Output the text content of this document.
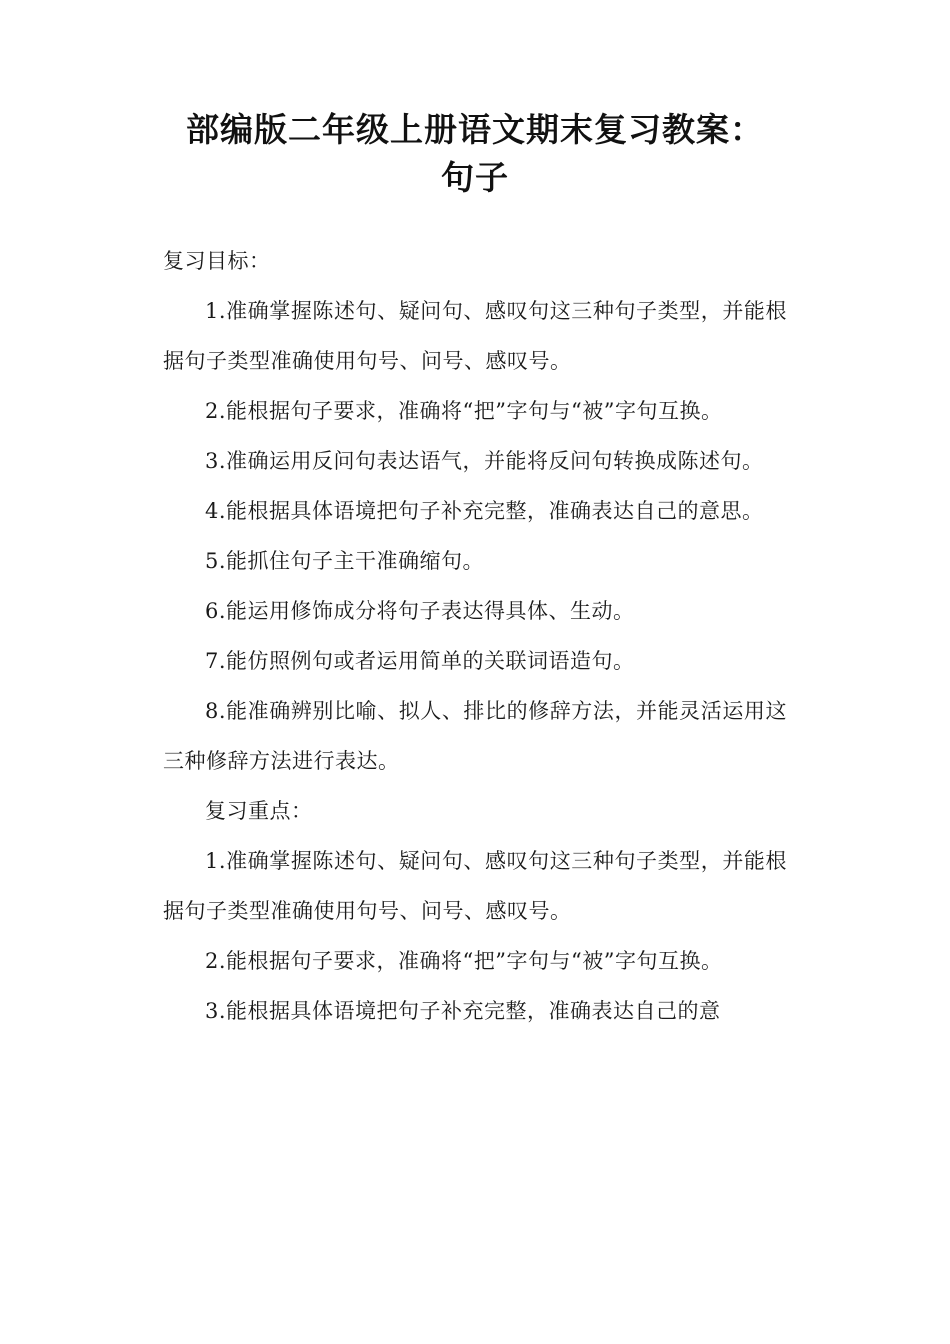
部编版二年级上册语文期末复习教案：
句子

复习目标：

1.准确掌握陈述句、疑问句、感叹句这三种句子类型，并能根据句子类型准确使用句号、问号、感叹号。

2.能根据句子要求，准确将“把”字句与“被”字句互换。

3.准确运用反问句表达语气，并能将反问句转换成陈述句。

4.能根据具体语境把句子补充完整，准确表达自己的意思。

5.能抓住句子主干准确缩句。

6.能运用修饰成分将句子表达得具体、生动。

7.能仿照例句或者运用简单的关联词语造句。

8.能准确辨别比喻、拟人、排比的修辞方法，并能灵活运用这三种修辞方法进行表达。

复习重点：

1.准确掌握陈述句、疑问句、感叹句这三种句子类型，并能根据句子类型准确使用句号、问号、感叹号。

2.能根据句子要求，准确将“把”字句与“被”字句互换。

3.能根据具体语境把句子补充完整，准确表达自己的意
